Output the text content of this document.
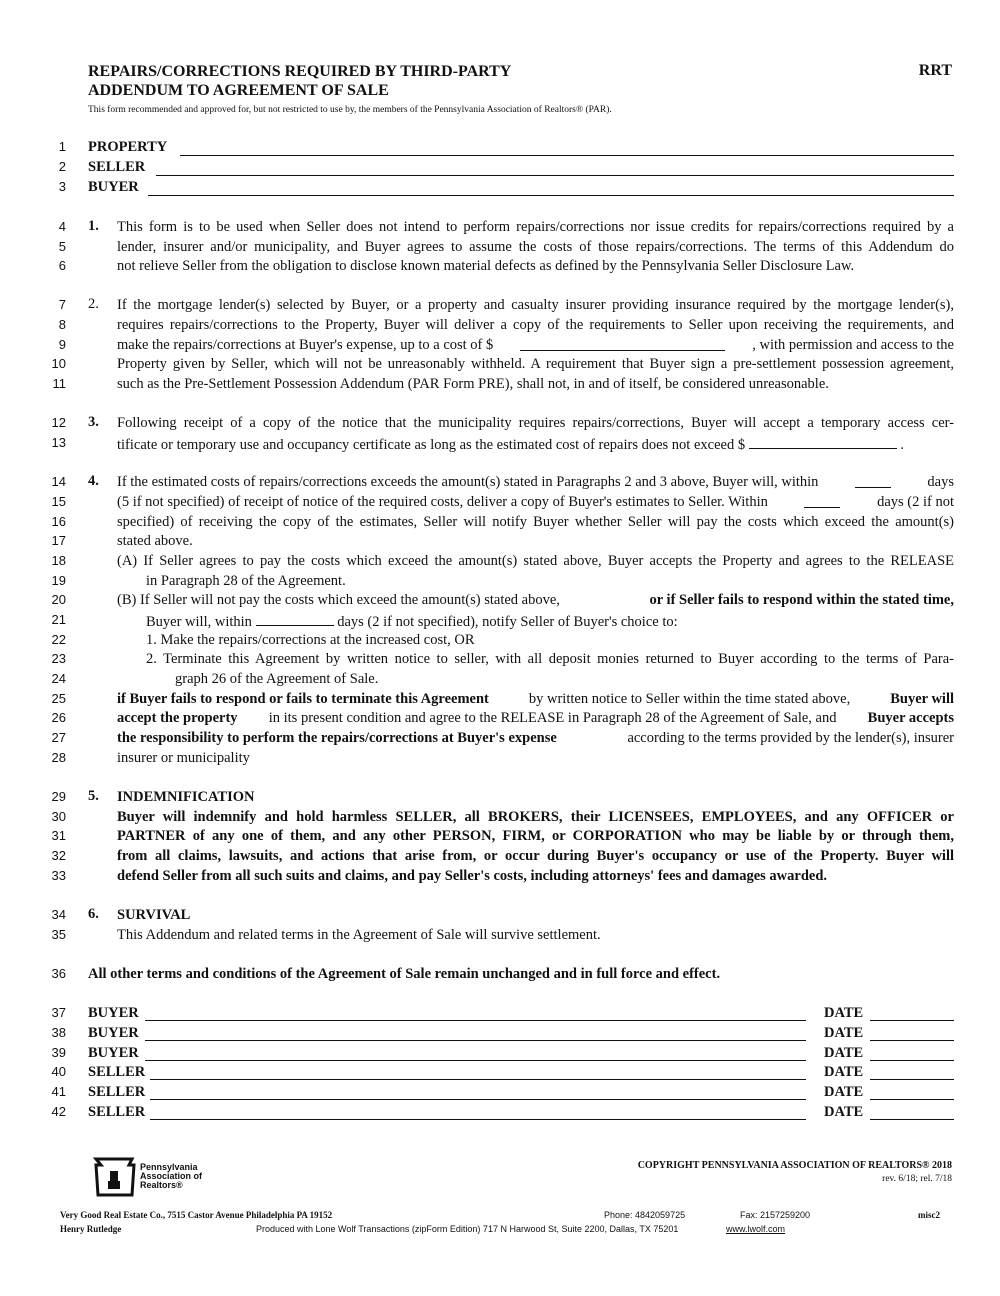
REPAIRS/CORRECTIONS REQUIRED BY THIRD-PARTY
ADDENDUM TO AGREEMENT OF SALE
RRT
This form recommended and approved for, but not restricted to use by, the members of the Pennsylvania Association of Realtors® (PAR).
1
2
3
4
5
6
7
8
9
10
11
12
13
14
15
16
17
18
19
20
21
22
23
24
25
26
27
28
29
30
31
32
33
34
35
36
37
38
39
40
41
42
PROPERTY
SELLER
BUYER
1. This form is to be used when Seller does not intend to perform repairs/corrections nor issue credits for repairs/corrections required by a
lender, insurer and/or municipality, and Buyer agrees to assume the costs of those repairs/corrections. The terms of this Addendum do
not relieve Seller from the obligation to disclose known material defects as defined by the Pennsylvania Seller Disclosure Law.
2. If the mortgage lender(s) selected by Buyer, or a property and casualty insurer providing insurance required by the mortgage lender(s),
requires repairs/corrections to the Property, Buyer will deliver a copy of the requirements to Seller upon receiving the requirements, and
make the repairs/corrections at Buyer's expense, up to a cost of $	, with permission and access to the
Property given by Seller, which will not be unreasonably withheld. A requirement that Buyer sign a pre-settlement possession agreement,
such as the Pre-Settlement Possession Addendum (PAR Form PRE), shall not, in and of itself, be considered unreasonable.
3. Following receipt of a copy of the notice that the municipality requires repairs/corrections, Buyer will accept a temporary access cer-
tificate or temporary use and occupancy certificate as long as the estimated cost of repairs does not exceed $	.
4. If the estimated costs of repairs/corrections exceeds the amount(s) stated in Paragraphs 2 and 3 above, Buyer will, within	days
(5 if not specified) of receipt of notice of the required costs, deliver a copy of Buyer's estimates to Seller. Within	days (2 if not
specified) of receiving the copy of the estimates, Seller will notify Buyer whether Seller will pay the costs which exceed the amount(s)
stated above.
(A) If Seller agrees to pay the costs which exceed the amount(s) stated above, Buyer accepts the Property and agrees to the RELEASE
in Paragraph 28 of the Agreement.
(B) If Seller will not pay the costs which exceed the amount(s) stated above,	or if Seller fails to respond within the stated time,
Buyer will, within	days (2 if not specified), notify Seller of Buyer's choice to:
1. Make the repairs/corrections at the increased cost, OR
2. Terminate this Agreement by written notice to seller, with all deposit monies returned to Buyer according to the terms of Para-
graph 26 of the Agreement of Sale.
if Buyer fails to respond or fails to terminate this Agreement	by written notice to Seller within the time stated above,	Buyer will
accept the property in its present condition and agree to the RELEASE in Paragraph 28 of the Agreement of Sale, and Buyer accepts
the responsibility to perform the repairs/corrections at Buyer's expense	according to the terms provided by the lender(s), insurer
insurer or municipality
5. INDEMNIFICATION
Buyer will indemnify and hold harmless SELLER, all BROKERS, their LICENSEES, EMPLOYEES, and any OFFICER or
PARTNER of any one of them, and any other PERSON, FIRM, or CORPORATION who may be liable by or through them,
from all claims, lawsuits, and actions that arise from, or occur during Buyer's occupancy or use of the Property. Buyer will
defend Seller from all such suits and claims, and pay Seller's costs, including attorneys' fees and damages awarded.
6. SURVIVAL
This Addendum and related terms in the Agreement of Sale will survive settlement.
All other terms and conditions of the Agreement of Sale remain unchanged and in full force and effect.
BUYER	DATE
BUYER	DATE
BUYER	DATE
SELLER	DATE
SELLER	DATE
SELLER	DATE
Pennsylvania
Association of
Realtors®
COPYRIGHT PENNSYLVANIA ASSOCIATION OF REALTORS® 2018
rev. 6/18; rel. 7/18
Very Good Real Estate Co., 7515 Castor Avenue Philadelphia PA 19152
Henry Rutledge
Phone: 4842059725	Fax: 2157259200	misc2
Produced with Lone Wolf Transactions (zipForm Edition) 717 N Harwood St, Suite 2200, Dallas, TX 75201	www.lwolf.com
